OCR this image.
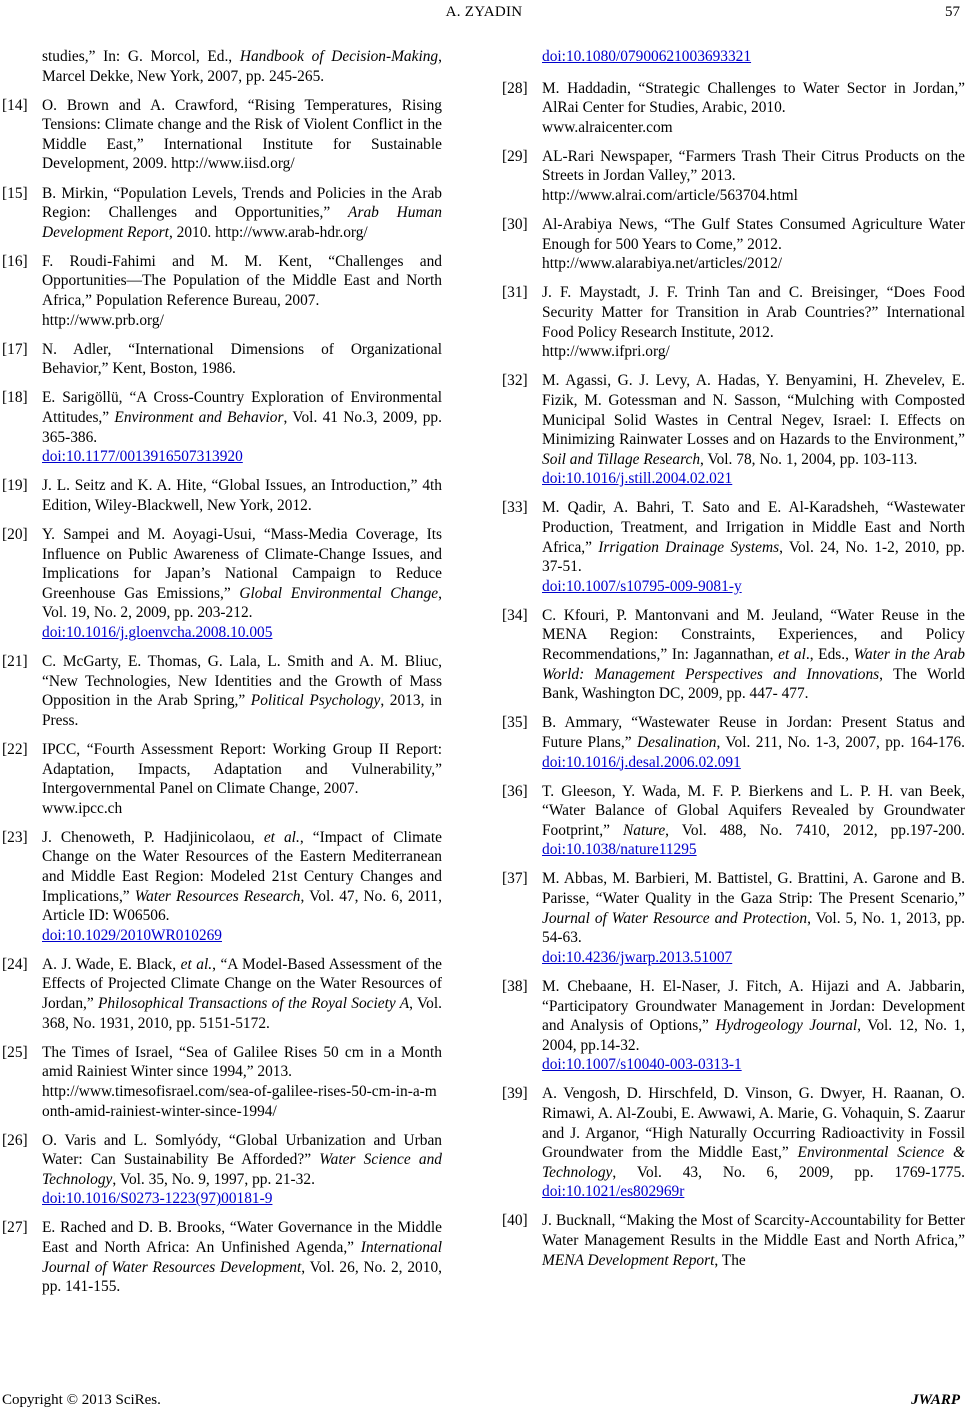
A. ZYADIN	57
studies,” In: G. Morcol, Ed., Handbook of Decision-Making, Marcel Dekke, New York, 2007, pp. 245-265.
[14] O. Brown and A. Crawford, “Rising Temperatures, Rising Tensions: Climate change and the Risk of Violent Conflict in the Middle East,” International Institute for Sustainable Development, 2009. http://www.iisd.org/
[15] B. Mirkin, “Population Levels, Trends and Policies in the Arab Region: Challenges and Opportunities,” Arab Human Development Report, 2010. http://www.arab-hdr.org/
[16] F. Roudi-Fahimi and M. M. Kent, “Challenges and Opportunities—The Population of the Middle East and North Africa,” Population Reference Bureau, 2007.
http://www.prb.org/
[17] N. Adler, “International Dimensions of Organizational Behavior,” Kent, Boston, 1986.
[18] E. Sarigöllü, “A Cross-Country Exploration of Environmental Attitudes,” Environment and Behavior, Vol. 41 No.3, 2009, pp. 365-386.
doi:10.1177/0013916507313920
[19] J. L. Seitz and K. A. Hite, “Global Issues, an Introduction,” 4th Edition, Wiley-Blackwell, New York, 2012.
[20] Y. Sampei and M. Aoyagi-Usui, “Mass-Media Coverage, Its Influence on Public Awareness of Climate-Change Issues, and Implications for Japan’s National Campaign to Reduce Greenhouse Gas Emissions,” Global Environmental Change, Vol. 19, No. 2, 2009, pp. 203-212.
doi:10.1016/j.gloenvcha.2008.10.005
[21] C. McGarty, E. Thomas, G. Lala, L. Smith and A. M. Bliuc, “New Technologies, New Identities and the Growth of Mass Opposition in the Arab Spring,” Political Psychology, 2013, in Press.
[22] IPCC, “Fourth Assessment Report: Working Group II Report: Adaptation, Impacts, Adaptation and Vulnerability,” Intergovernmental Panel on Climate Change, 2007.
www.ipcc.ch
[23] J. Chenoweth, P. Hadjinicolaou, et al., “Impact of Climate Change on the Water Resources of the Eastern Mediterranean and Middle East Region: Modeled 21st Century Changes and Implications,” Water Resources Research, Vol. 47, No. 6, 2011, Article ID: W06506.
doi:10.1029/2010WR010269
[24] A. J. Wade, E. Black, et al., “A Model-Based Assessment of the Effects of Projected Climate Change on the Water Resources of Jordan,” Philosophical Transactions of the Royal Society A, Vol. 368, No. 1931, 2010, pp. 5151-5172.
[25] The Times of Israel, “Sea of Galilee Rises 50 cm in a Month amid Rainiest Winter since 1994,” 2013.
http://www.timesofisrael.com/sea-of-galilee-rises-50-cm-in-a-month-amid-rainiest-winter-since-1994/
[26] O. Varis and L. Somlyódy, “Global Urbanization and Urban Water: Can Sustainability Be Afforded?” Water Science and Technology, Vol. 35, No. 9, 1997, pp. 21-32.
doi:10.1016/S0273-1223(97)00181-9
[27] E. Rached and D. B. Brooks, “Water Governance in the Middle East and North Africa: An Unfinished Agenda,” International Journal of Water Resources Development, Vol. 26, No. 2, 2010, pp. 141-155.
doi:10.1080/07900621003693321
[28] M. Haddadin, “Strategic Challenges to Water Sector in Jordan,” AlRai Center for Studies, Arabic, 2010.
www.alraicenter.com
[29] AL-Rari Newspaper, “Farmers Trash Their Citrus Products on the Streets in Jordan Valley,” 2013.
http://www.alrai.com/article/563704.html
[30] Al-Arabiya News, “The Gulf States Consumed Agriculture Water Enough for 500 Years to Come,” 2012.
http://www.alarabiya.net/articles/2012/
[31] J. F. Maystadt, J. F. Trinh Tan and C. Breisinger, “Does Food Security Matter for Transition in Arab Countries?” International Food Policy Research Institute, 2012.
http://www.ifpri.org/
[32] M. Agassi, G. J. Levy, A. Hadas, Y. Benyamini, H. Zhevelev, E. Fizik, M. Gotessman and N. Sasson, “Mulching with Composted Municipal Solid Wastes in Central Negev, Israel: I. Effects on Minimizing Rainwater Losses and on Hazards to the Environment,” Soil and Tillage Research, Vol. 78, No. 1, 2004, pp. 103-113.
doi:10.1016/j.still.2004.02.021
[33] M. Qadir, A. Bahri, T. Sato and E. Al-Karadsheh, “Wastewater Production, Treatment, and Irrigation in Middle East and North Africa,” Irrigation Drainage Systems, Vol. 24, No. 1-2, 2010, pp. 37-51.
doi:10.1007/s10795-009-9081-y
[34] C. Kfouri, P. Mantonvani and M. Jeuland, “Water Reuse in the MENA Region: Constraints, Experiences, and Policy Recommendations,” In: Jagannathan, et al., Eds., Water in the Arab World: Management Perspectives and Innovations, The World Bank, Washington DC, 2009, pp. 447- 477.
[35] B. Ammary, “Wastewater Reuse in Jordan: Present Status and Future Plans,” Desalination, Vol. 211, No. 1-3, 2007, pp. 164-176. doi:10.1016/j.desal.2006.02.091
[36] T. Gleeson, Y. Wada, M. F. P. Bierkens and L. P. H. van Beek, “Water Balance of Global Aquifers Revealed by Groundwater Footprint,” Nature, Vol. 488, No. 7410, 2012, pp.197-200. doi:10.1038/nature11295
[37] M. Abbas, M. Barbieri, M. Battistel, G. Brattini, A. Garone and B. Parisse, “Water Quality in the Gaza Strip: The Present Scenario,” Journal of Water Resource and Protection, Vol. 5, No. 1, 2013, pp. 54-63.
doi:10.4236/jwarp.2013.51007
[38] M. Chebaane, H. El-Naser, J. Fitch, A. Hijazi and A. Jabbarin, “Participatory Groundwater Management in Jordan: Development and Analysis of Options,” Hydrogeology Journal, Vol. 12, No. 1, 2004, pp.14-32.
doi:10.1007/s10040-003-0313-1
[39] A. Vengosh, D. Hirschfeld, D. Vinson, G. Dwyer, H. Raanan, O. Rimawi, A. Al-Zoubi, E. Awwawi, A. Marie, G. Vohaquin, S. Zaarur and J. Arganor, “High Naturally Occurring Radioactivity in Fossil Groundwater from the Middle East,” Environmental Science & Technology, Vol. 43, No. 6, 2009, pp. 1769-1775. doi:10.1021/es802969r
[40] J. Bucknall, “Making the Most of Scarcity-Accountability for Better Water Management Results in the Middle East and North Africa,” MENA Development Report, The
Copyright © 2013 SciRes.	JWARP
